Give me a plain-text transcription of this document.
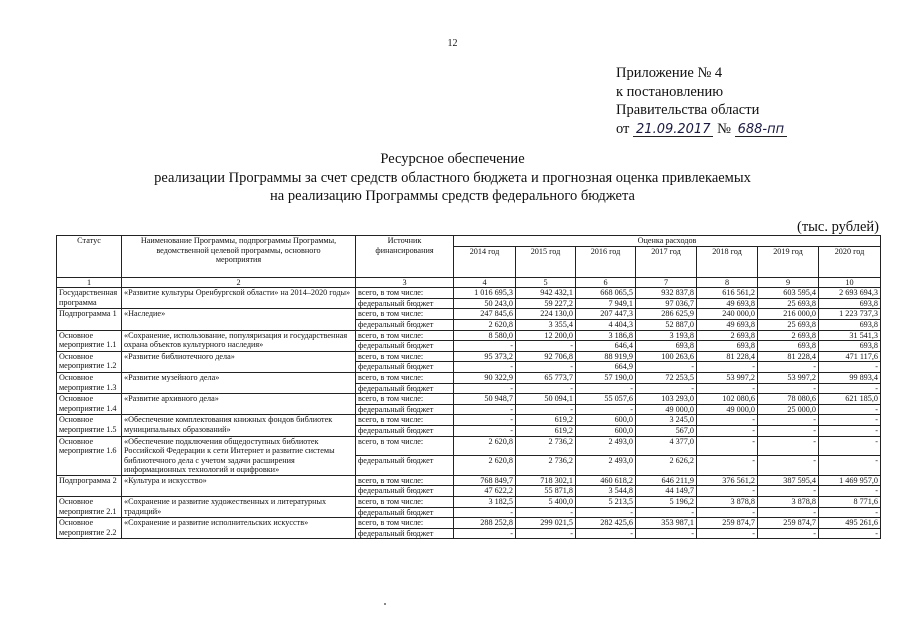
12
Приложение № 4
к постановлению
Правительства области
от 21.09.2017 № 688-пп
Ресурсное обеспечение
реализации Программы за счет средств областного бюджета и прогнозная оценка привлекаемых
на реализацию Программы средств федерального бюджета
(тыс. рублей)
Статус	Наименование Программы, подпрограммы Программы, ведомственной целевой программы, основного мероприятия	Источник финансирования	Оценка расходов						
			2014 год	2015 год	2016 год	2017 год	2018 год	2019 год	2020 год
1	2	3	4	5	6	7	8	9	10
Государственная программа	«Развитие культуры Оренбургской области» на 2014–2020 годы»	всего, в том числе:	1 016 695,3	942 432,1	668 065,5	932 837,8	616 561,2	603 595,4	2 693 694,3
		федеральный бюджет	50 243,0	59 227,2	7 949,1	97 036,7	49 693,8	25 693,8	693,8
Подпрограмма 1	«Наследие»	всего, в том числе:	247 845,6	224 130,0	207 447,3	286 625,9	240 000,0	216 000,0	1 223 737,3
		федеральный бюджет	2 620,8	3 355,4	4 404,3	52 887,0	49 693,8	25 693,8	693,8
Основное мероприятие 1.1	«Сохранение, использование, популяризация и государственная охрана объектов культурного наследия»	всего, в том числе:	8 580,0	12 200,0	3 186,8	3 193,8	2 693,8	2 693,8	31 541,3
		федеральный бюджет	-	-	646,4	693,8	693,8	693,8	693,8
Основное мероприятие 1.2	«Развитие библиотечного дела»	всего, в том числе:	95 373,2	92 706,8	88 919,9	100 263,6	81 228,4	81 228,4	471 117,6
		федеральный бюджет	-	-	664,9	-	-	-	-
Основное мероприятие 1.3	«Развитие музейного дела»	всего, в том числе:	90 322,9	65 773,7	57 190,0	72 253,5	53 997,2	53 997,2	99 893,4
		федеральный бюджет	-	-	-	-	-	-	-
Основное мероприятие 1.4	«Развитие архивного дела»	всего, в том числе:	50 948,7	50 094,1	55 057,6	103 293,0	102 080,6	78 080,6	621 185,0
		федеральный бюджет	-	-	-	49 000,0	49 000,0	25 000,0	-
Основное мероприятие 1.5	«Обеспечение комплектования книжных фондов библиотек муниципальных образований»	всего, в том числе:	-	619,2	600,0	3 245,0	-	-	-
		федеральный бюджет	-	619,2	600,0	567,0	-	-	-
Основное мероприятие 1.6	«Обеспечение подключения общедоступных библиотек Российской Федерации к сети Интернет и развитие системы библиотечного дела с учетом задачи расширения информационных технологий и оцифровки»	всего, в том числе:	2 620,8	2 736,2	2 493,0	4 377,0	-	-	-
		федеральный бюджет	2 620,8	2 736,2	2 493,0	2 626,2	-	-	-
Подпрограмма 2	«Культура и искусство»	всего, в том числе:	768 849,7	718 302,1	460 618,2	646 211,9	376 561,2	387 595,4	1 469 957,0
		федеральный бюджет	47 622,2	55 871,8	3 544,8	44 149,7	-	-	-
Основное мероприятие 2.1	«Сохранение и развитие художественных и литературных традиций»	всего, в том числе:	3 182,5	5 400,0	5 213,5	5 196,2	3 878,8	3 878,8	8 771,6
		федеральный бюджет	-	-	-	-	-	-	-
Основное мероприятие 2.2	«Сохранение и развитие исполнительских искусств»	всего, в том числе:	288 252,8	299 021,5	282 425,6	353 987,1	259 874,7	259 874,7	495 261,6
		федеральный бюджет	-	-	-	-	-	-	-
